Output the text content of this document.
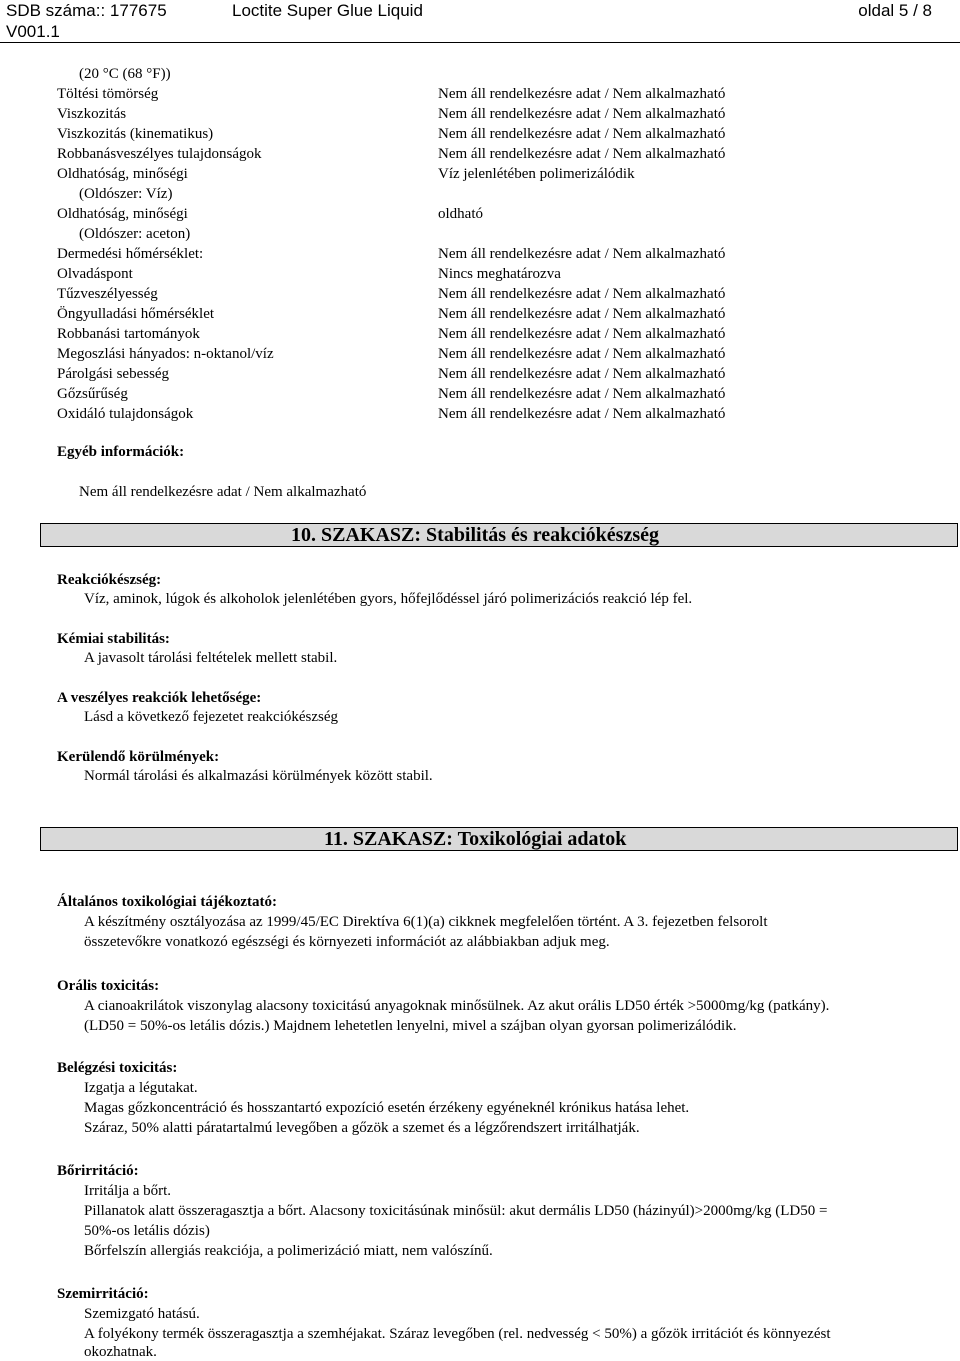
SDB száma:: 177675	Loctite Super Glue Liquid	oldal 5 / 8
V001.1
(20 °C (68 °F))
Töltési tömörség	Nem áll rendelkezésre adat / Nem alkalmazható
Viszkozitás	Nem áll rendelkezésre adat / Nem alkalmazható
Viszkozitás (kinematikus)	Nem áll rendelkezésre adat / Nem alkalmazható
Robbanásveszélyes tulajdonságok	Nem áll rendelkezésre adat / Nem alkalmazható
Oldhatóság, minőségi	Víz jelenlétében polimerizálódik
(Oldószer: Víz)
Oldhatóság, minőségi	oldható
(Oldószer: aceton)
Dermedési hőmérséklet:	Nem áll rendelkezésre adat / Nem alkalmazható
Olvadáspont	Nincs meghatározva
Tűzveszélyesség	Nem áll rendelkezésre adat / Nem alkalmazható
Öngyulladási hőmérséklet	Nem áll rendelkezésre adat / Nem alkalmazható
Robbanási tartományok	Nem áll rendelkezésre adat / Nem alkalmazható
Megoszlási hányados: n-oktanol/víz	Nem áll rendelkezésre adat / Nem alkalmazható
Párolgási sebesség	Nem áll rendelkezésre adat / Nem alkalmazható
Gőzsűrűség	Nem áll rendelkezésre adat / Nem alkalmazható
Oxidáló tulajdonságok	Nem áll rendelkezésre adat / Nem alkalmazható
Egyéb információk:
Nem áll rendelkezésre adat / Nem alkalmazható
10. SZAKASZ: Stabilitás és reakciókészség
Reakciókészség:
Víz, aminok, lúgok és alkoholok jelenlétében gyors, hőfejlődéssel járó polimerizációs reakció lép fel.
Kémiai stabilitás:
A javasolt tárolási feltételek mellett stabil.
A veszélyes reakciók lehetősége:
Lásd a következő fejezetet reakciókészség
Kerülendő körülmények:
Normál tárolási és alkalmazási körülmények között stabil.
11. SZAKASZ: Toxikológiai adatok
Általános toxikológiai tájékoztató:
A készítmény osztályozása az 1999/45/EC Direktíva 6(1)(a) cikknek megfelelően történt. A 3. fejezetben felsorolt
összetevőkre vonatkozó egészségi és környezeti információt az alábbiakban adjuk meg.
Orális toxicitás:
A cianoakrilátok viszonylag alacsony toxicitású anyagoknak minősülnek. Az akut orális LD50 érték >5000mg/kg (patkány).
(LD50 = 50%-os letális dózis.) Majdnem lehetetlen lenyelni, mivel a szájban olyan gyorsan polimerizálódik.
Belégzési toxicitás:
Izgatja a légutakat.
Magas gőzkoncentráció és hosszantartó expozíció esetén érzékeny egyéneknél krónikus hatása lehet.
Száraz, 50% alatti páratartalmú levegőben a gőzök a szemet és a légzőrendszert irritálhatják.
Bőrirritáció:
Irritálja a bőrt.
Pillanatok alatt összeragasztja a bőrt. Alacsony toxicitásúnak minősül: akut dermális LD50 (házinyúl)>2000mg/kg (LD50 =
50%-os letális dózis)
Bőrfelszín allergiás reakciója, a polimerizáció miatt, nem valószínű.
Szemirritáció:
Szemizgató hatású.
A folyékony termék összeragasztja a szemhéjakat. Száraz levegőben (rel. nedvesség < 50%) a gőzök irritációt és könnyezést
okozhatnak.
